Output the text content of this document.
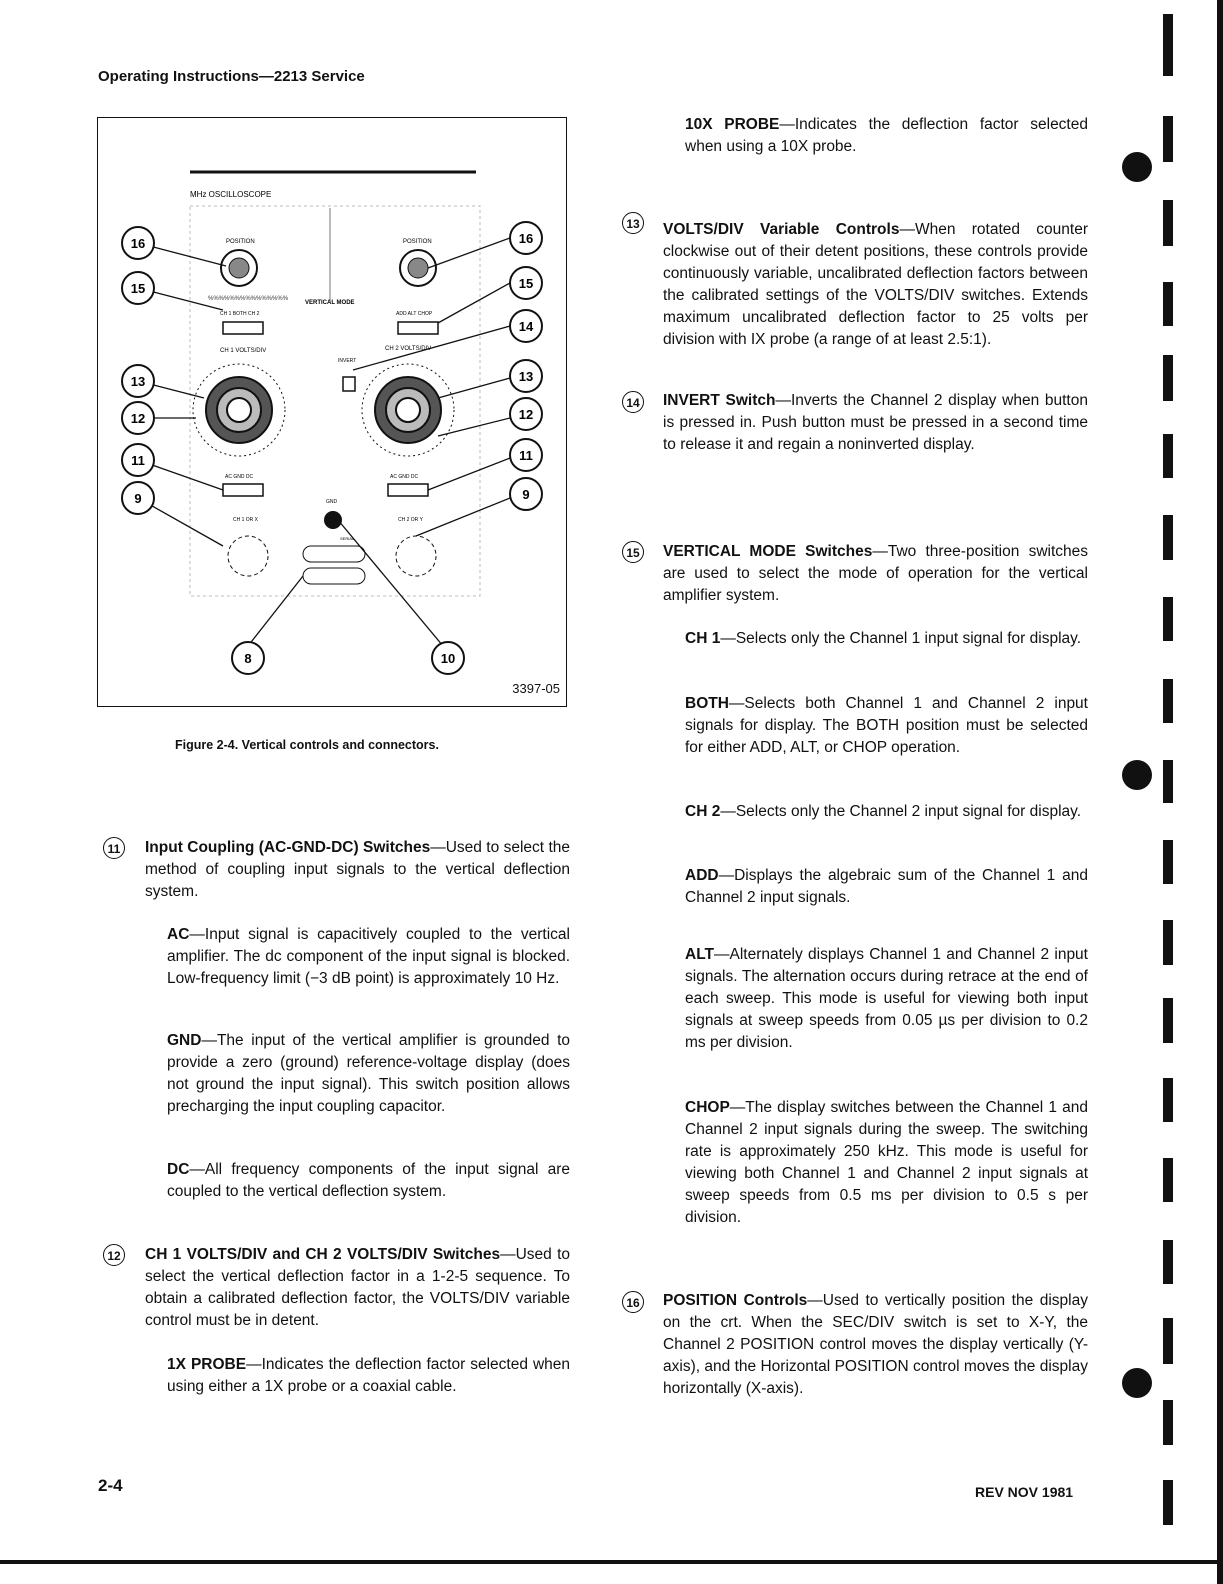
Operating Instructions—2213 Service
MHz OSCILLOSCOPE
POSITION	POSITION
%%%%%%%%%%%%%%%
VERTICAL MODE
CH 1 BOTH CH 2	ADD ALT CHOP
CH 1 VOLTS/DIV	CH 2 VOLTS/DIV
INVERT
AC GND DC	AC GND DC
GND
CH 1 OR X	CH 2 OR Y
SERIAL
16
15
13
12
11
9
16
15
14
13
12
11
9
8	10
3397-05
Figure 2-4. Vertical controls and connectors.
11	Input Coupling (AC-GND-DC) Switches—Used to select the method of coupling input signals to the vertical deflection system.

AC—Input signal is capacitively coupled to the vertical amplifier. The dc component of the input signal is blocked. Low-frequency limit (−3 dB point) is approximately 10 Hz.
GND—The input of the vertical amplifier is grounded to provide a zero (ground) reference-voltage display (does not ground the input signal). This switch position allows precharging the input coupling capacitor.
DC—All frequency components of the input signal are coupled to the vertical deflection system.
12 CH 1 VOLTS/DIV and CH 2 VOLTS/DIV Switches—Used to select the vertical deflection factor in a 1-2-5 sequence. To obtain a calibrated deflection factor, the VOLTS/DIV variable control must be in detent.

1X PROBE—Indicates the deflection factor selected when using either a 1X probe or a coaxial cable.
10X PROBE—Indicates the deflection factor selected when using a 10X probe.
13 VOLTS/DIV Variable Controls—When rotated counter clockwise out of their detent positions, these controls provide continuously variable, uncalibrated deflection factors between the calibrated settings of the VOLTS/DIV switches. Extends maximum uncalibrated deflection factor to 25 volts per division with IX probe (a range of at least 2.5:1).

14 INVERT Switch—Inverts the Channel 2 display when button is pressed in. Push button must be pressed in a second time to release it and regain a noninverted display.

15 VERTICAL MODE Switches—Two three-position switches are used to select the mode of operation for the vertical amplifier system.

CH 1—Selects only the Channel 1 input signal for display.
BOTH—Selects both Channel 1 and Channel 2 input signals for display. The BOTH position must be selected for either ADD, ALT, or CHOP operation.
CH 2—Selects only the Channel 2 input signal for display.
ADD—Displays the algebraic sum of the Channel 1 and Channel 2 input signals.
ALT—Alternately displays Channel 1 and Channel 2 input signals. The alternation occurs during retrace at the end of each sweep. This mode is useful for viewing both input signals at sweep speeds from 0.05 µs per division to 0.2 ms per division.
CHOP—The display switches between the Channel 1 and Channel 2 input signals during the sweep. The switching rate is approximately 250 kHz. This mode is useful for viewing both Channel 1 and Channel 2 input signals at sweep speeds from 0.5 ms per division to 0.5 s per division.
16 POSITION Controls—Used to vertically position the display on the crt. When the SEC/DIV switch is set to X-Y, the Channel 2 POSITION control moves the display vertically (Y-axis), and the Horizontal POSITION control moves the display horizontally (X-axis).

2-4	REV NOV 1981
